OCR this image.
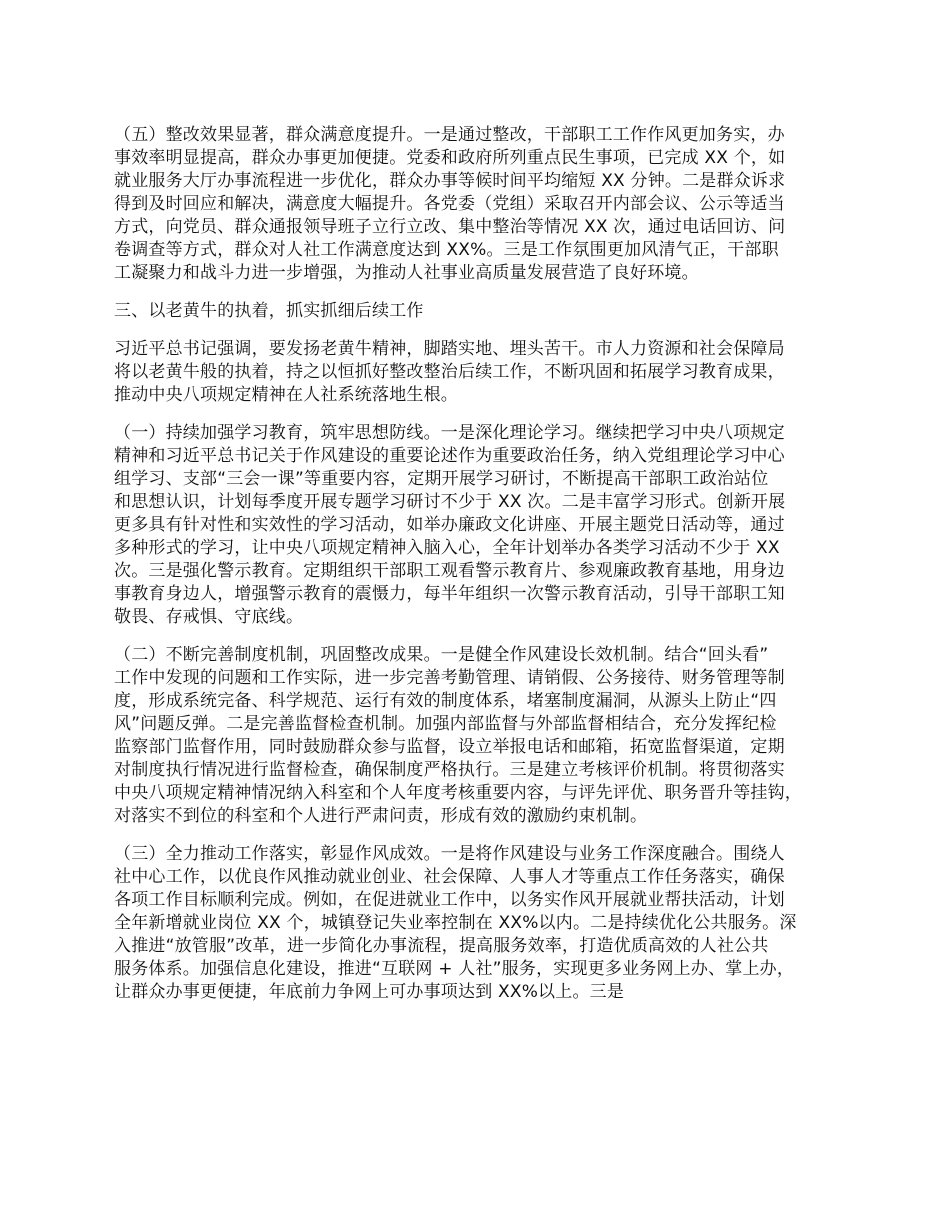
（五）整改效果显著，群众满意度提升。一是通过整改，干部职工工作作风更加务实，办
事效率明显提高，群众办事更加便捷。党委和政府所列重点民生事项，已完成 XX 个，如
就业服务大厅办事流程进一步优化，群众办事等候时间平均缩短 XX 分钟。二是群众诉求
得到及时回应和解决，满意度大幅提升。各党委（党组）采取召开内部会议、公示等适当
方式，向党员、群众通报领导班子立行立改、集中整治等情况 XX 次，通过电话回访、问
卷调查等方式，群众对人社工作满意度达到 XX%。三是工作氛围更加风清气正，干部职
工凝聚力和战斗力进一步增强，为推动人社事业高质量发展营造了良好环境。
三、以老黄牛的执着，抓实抓细后续工作
习近平总书记强调，要发扬老黄牛精神，脚踏实地、埋头苦干。市人力资源和社会保障局
将以老黄牛般的执着，持之以恒抓好整改整治后续工作，不断巩固和拓展学习教育成果，
推动中央八项规定精神在人社系统落地生根。
（一）持续加强学习教育，筑牢思想防线。一是深化理论学习。继续把学习中央八项规定
精神和习近平总书记关于作风建设的重要论述作为重要政治任务，纳入党组理论学习中心
组学习、支部“三会一课”等重要内容，定期开展学习研讨，不断提高干部职工政治站位
和思想认识，计划每季度开展专题学习研讨不少于 XX 次。二是丰富学习形式。创新开展
更多具有针对性和实效性的学习活动，如举办廉政文化讲座、开展主题党日活动等，通过
多种形式的学习，让中央八项规定精神入脑入心，全年计划举办各类学习活动不少于 XX
次。三是强化警示教育。定期组织干部职工观看警示教育片、参观廉政教育基地，用身边
事教育身边人，增强警示教育的震慑力，每半年组织一次警示教育活动，引导干部职工知
敬畏、存戒惧、守底线。
（二）不断完善制度机制，巩固整改成果。一是健全作风建设长效机制。结合“回头看”
工作中发现的问题和工作实际，进一步完善考勤管理、请销假、公务接待、财务管理等制
度，形成系统完备、科学规范、运行有效的制度体系，堵塞制度漏洞，从源头上防止“四
风”问题反弹。二是完善监督检查机制。加强内部监督与外部监督相结合，充分发挥纪检
监察部门监督作用，同时鼓励群众参与监督，设立举报电话和邮箱，拓宽监督渠道，定期
对制度执行情况进行监督检查，确保制度严格执行。三是建立考核评价机制。将贯彻落实
中央八项规定精神情况纳入科室和个人年度考核重要内容，与评先评优、职务晋升等挂钩，
对落实不到位的科室和个人进行严肃问责，形成有效的激励约束机制。
（三）全力推动工作落实，彰显作风成效。一是将作风建设与业务工作深度融合。围绕人
社中心工作，以优良作风推动就业创业、社会保障、人事人才等重点工作任务落实，确保
各项工作目标顺利完成。例如，在促进就业工作中，以务实作风开展就业帮扶活动，计划
全年新增就业岗位 XX 个，城镇登记失业率控制在 XX%以内。二是持续优化公共服务。深
入推进“放管服”改革，进一步简化办事流程，提高服务效率，打造优质高效的人社公共
服务体系。加强信息化建设，推进“互联网 + 人社”服务，实现更多业务网上办、掌上办，
让群众办事更便捷，年底前力争网上可办事项达到 XX%以上。三是
